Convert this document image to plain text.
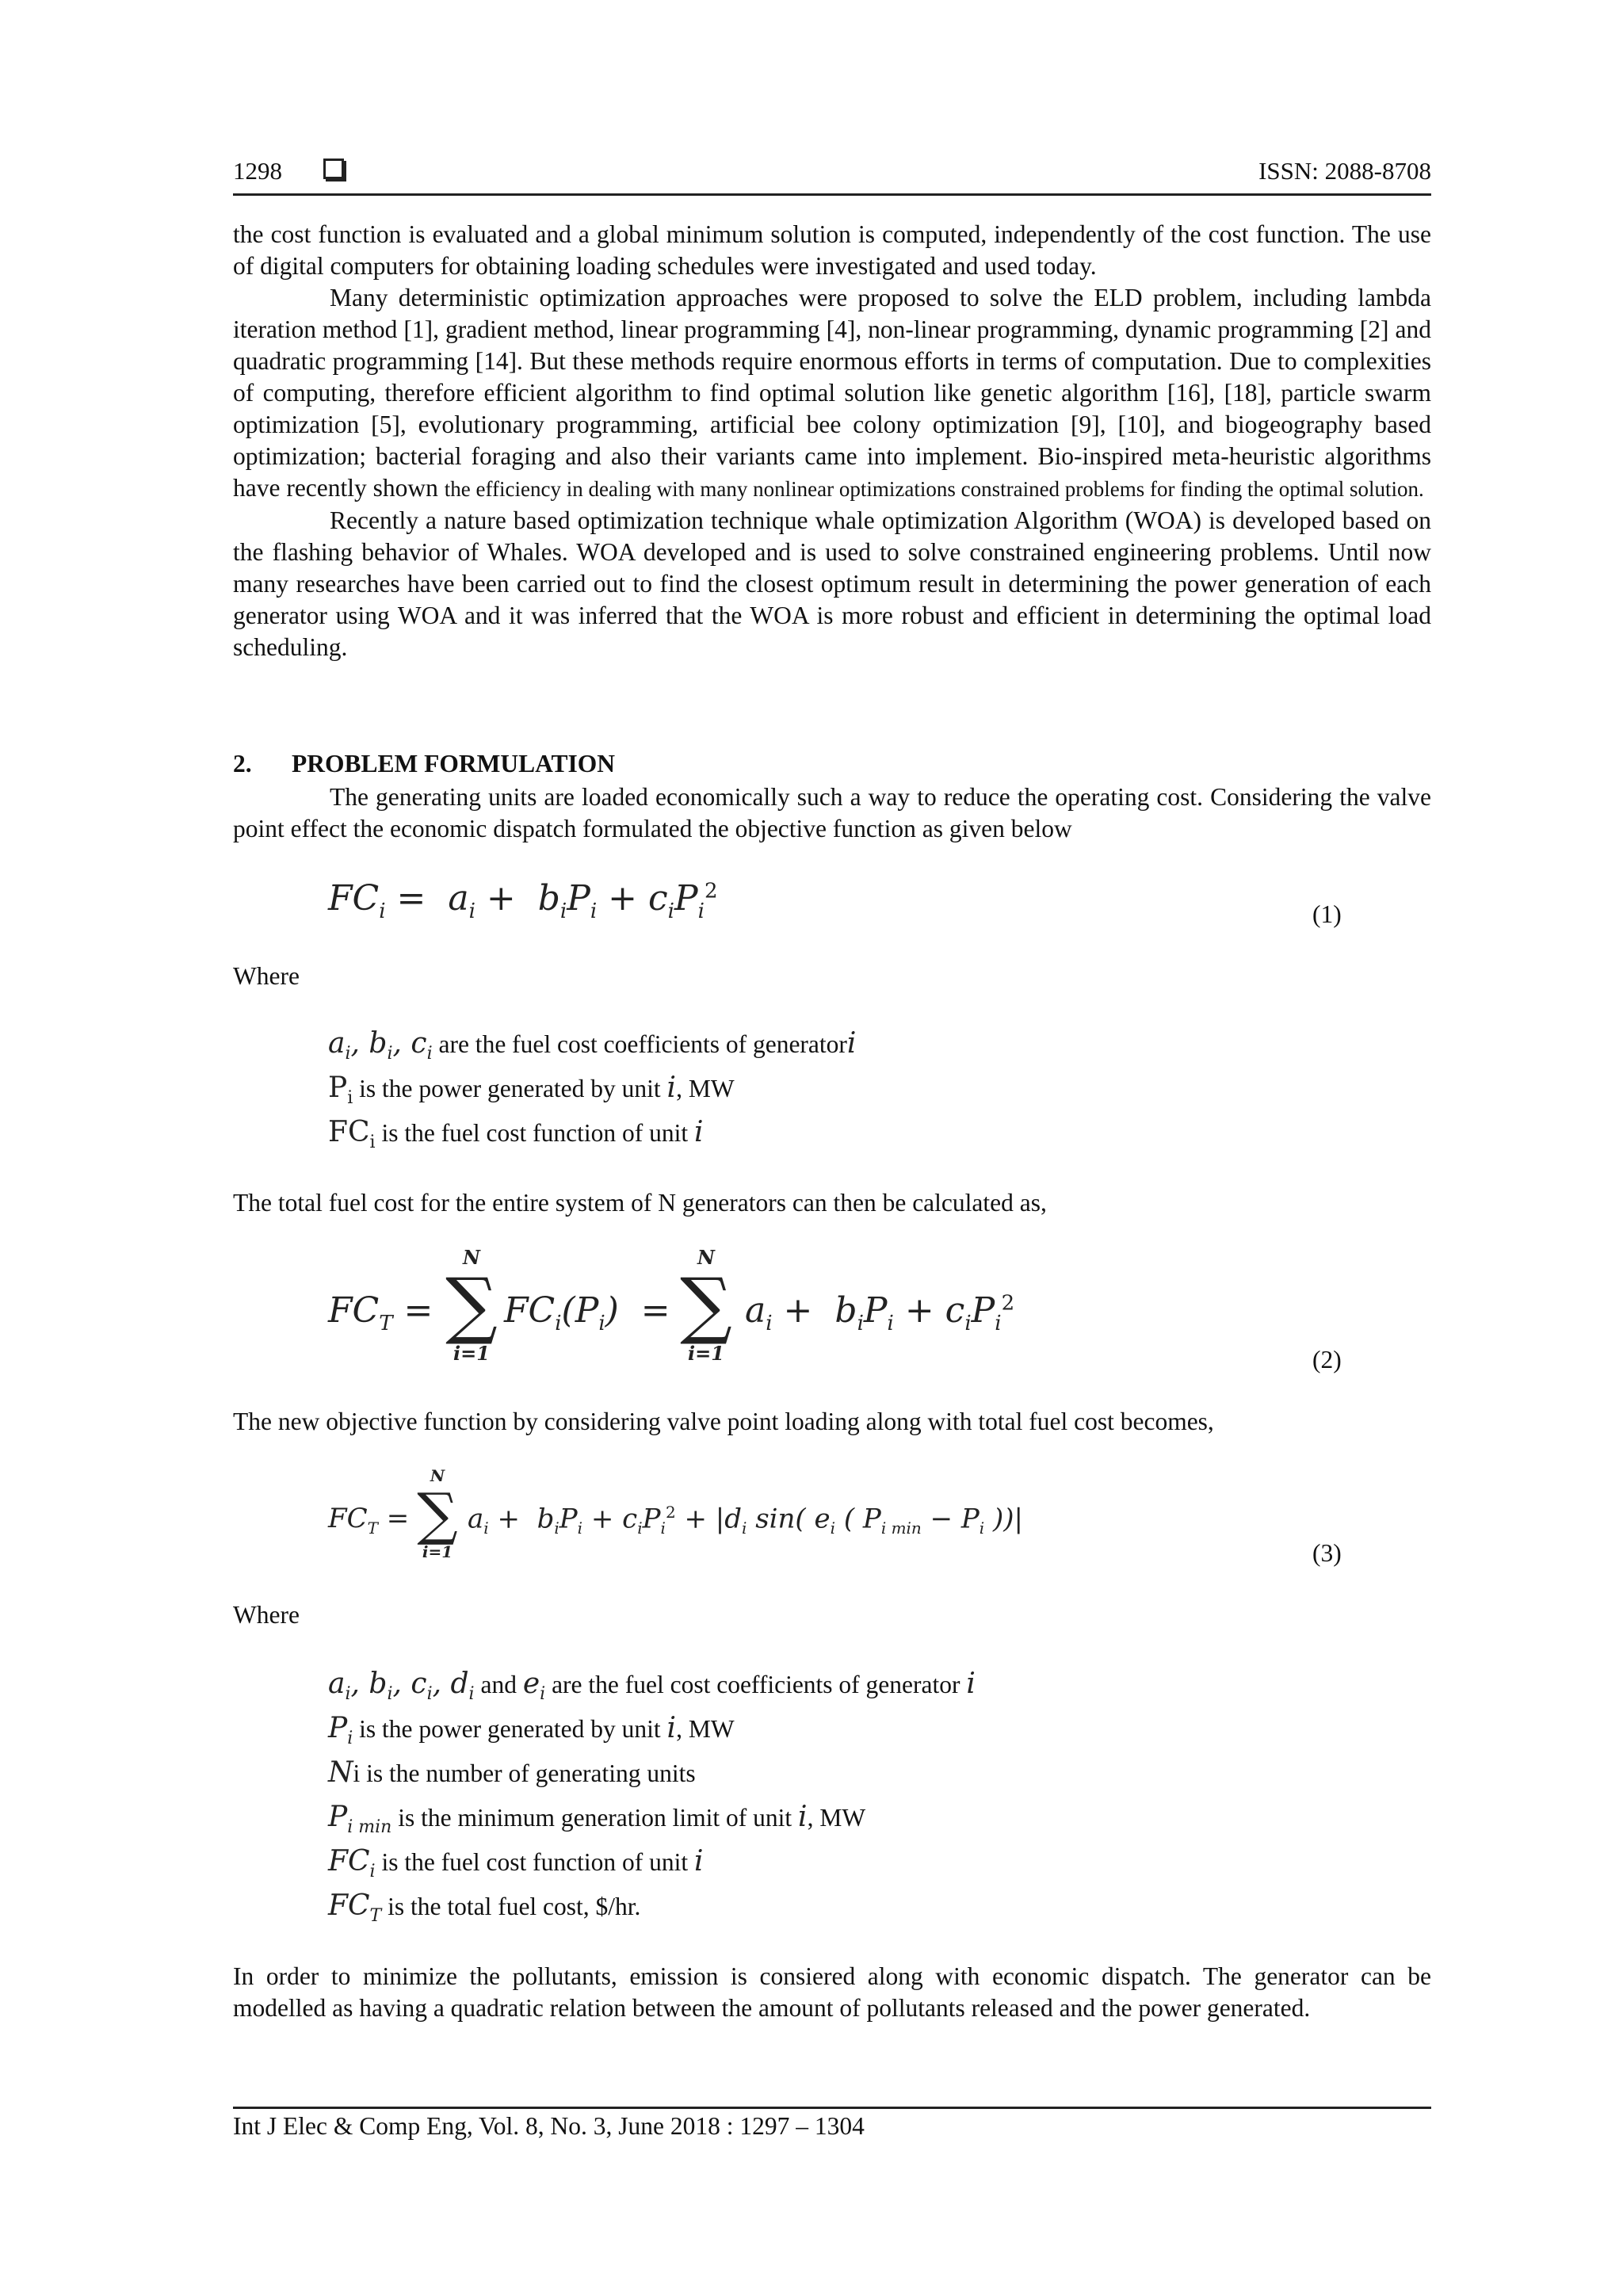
1298	ISSN: 2088-8708

the cost function is evaluated and a global minimum solution is computed, independently of the cost function. The use of digital computers for obtaining loading schedules were investigated and used today.

Many deterministic optimization approaches were proposed to solve the ELD problem, including lambda iteration method [1], gradient method, linear programming [4], non-linear programming, dynamic programming [2] and quadratic programming [14]. But these methods require enormous efforts in terms of computation. Due to complexities of computing, therefore efficient algorithm to find optimal solution like genetic algorithm [16], [18], particle swarm optimization [5], evolutionary programming, artificial bee colony optimization [9], [10], and biogeography based optimization; bacterial foraging and also their variants came into implement. Bio-inspired meta-heuristic algorithms have recently shown the efficiency in dealing with many nonlinear optimizations constrained problems for finding the optimal solution.

Recently a nature based optimization technique whale optimization Algorithm (WOA) is developed based on the flashing behavior of Whales. WOA developed and is used to solve constrained engineering problems. Until now many researches have been carried out to find the closest optimum result in determining the power generation of each generator using WOA and it was inferred that the WOA is more robust and efficient in determining the optimal load scheduling.

2. PROBLEM FORMULATION

The generating units are loaded economically such a way to reduce the operating cost. Considering the valve point effect the economic dispatch formulated the objective function as given below

$FC_i = a_i + b_iP_i + c_iP_i^2$
(1)
Where
$a_i$, $b_i$, $c_i$ are the fuel cost coefficients of generatori
$P_i$ is the power generated by unit i, MW
$FC_i$ is the fuel cost function of unit i
The total fuel cost for the entire system of N generators can then be calculated as,
$FC_T$ =
N
∑
i=1
$FC_i(P_i)$  =
N
∑
i=1
$a_i + b_iP_i + c_iP_i^2$
(2)
The new objective function by considering valve point loading along with total fuel cost becomes,
$FC_T$ =
N
∑
i=1
$a_i + b_iP_i + c_iP_i^2 + |d_i$ sin( $e_i$ ( $P_{i min} - P_i$ ))|
(3)
Where
$a_i$, $b_i$, $c_i$, $d_i$ and $e_i$ are the fuel cost coefficients of generator i
$P_i$ is the power generated by unit i, MW
Ni is the number of generating units
$P_{i min}$ is the minimum generation limit of unit i, MW
$FC_i$ is the fuel cost function of unit i
$FC_T$ is the total fuel cost, $/hr.

In order to minimize the pollutants, emission is consiered along with economic dispatch. The generator can be modelled as having a quadratic relation between the amount of pollutants released and the power generated.

Int J Elec & Comp Eng, Vol. 8, No. 3, June 2018 : 1297 – 1304
